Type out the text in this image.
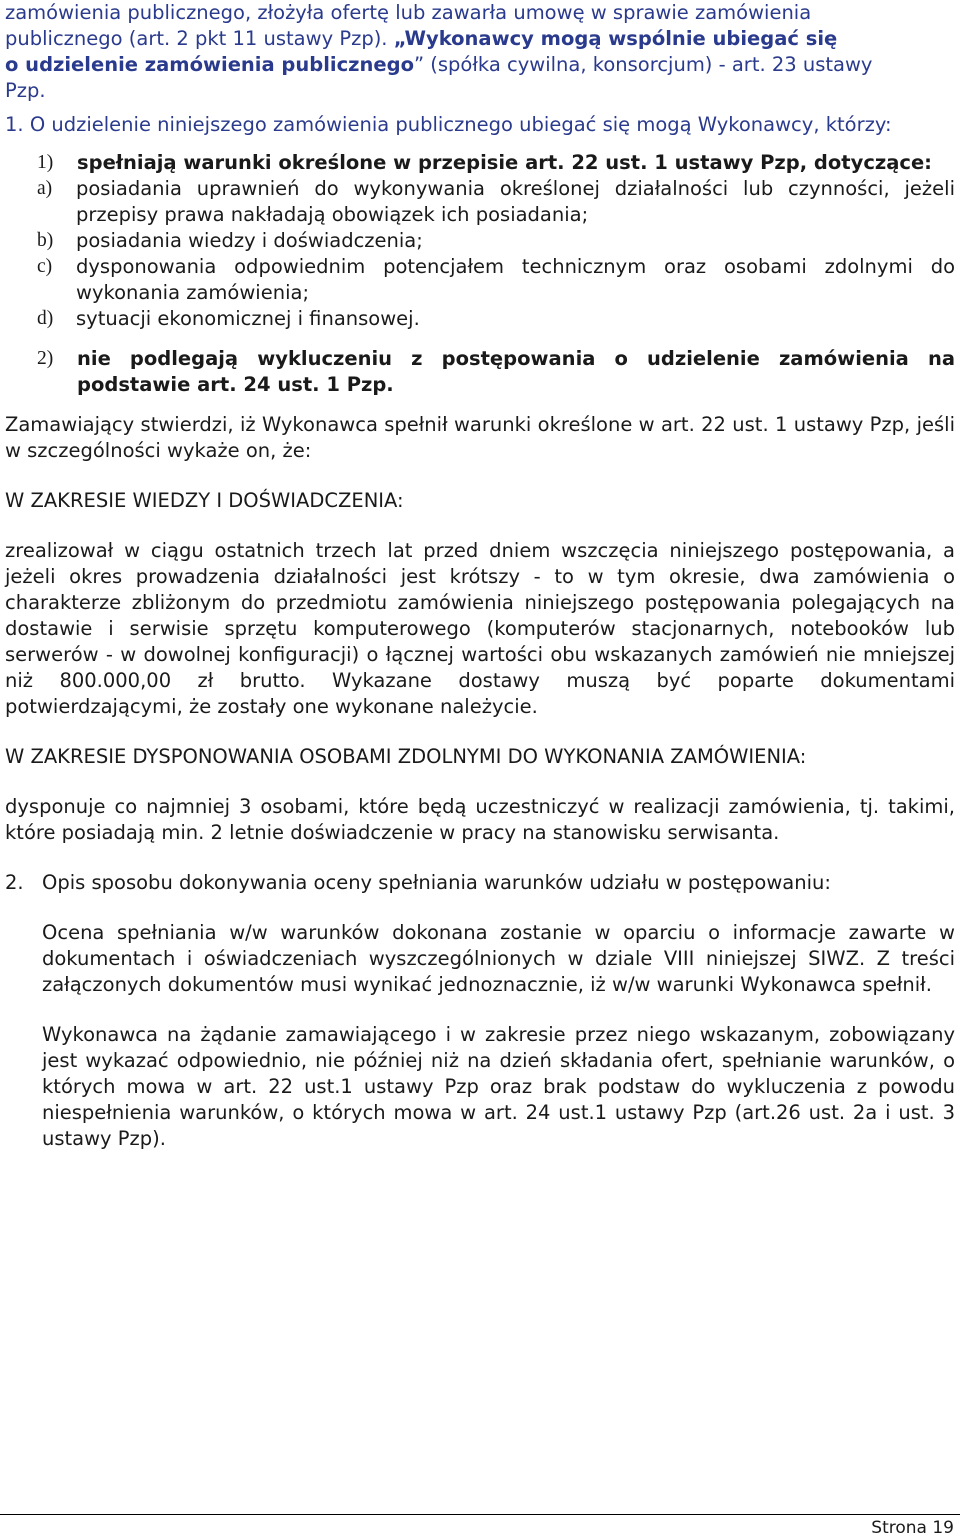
zamówienia publicznego, złożyła ofertę lub zawarła umowę w sprawie zamówienia
publicznego (art. 2 pkt 11 ustawy Pzp). „Wykonawcy mogą wspólnie ubiegać się
o udzielenie zamówienia publicznego” (spółka cywilna, konsorcjum) - art. 23 ustawy
Pzp.
1. O udzielenie niniejszego zamówienia publicznego ubiegać się mogą Wykonawcy, którzy:
1)	spełniają warunki określone w przepisie art. 22 ust. 1 ustawy Pzp, dotyczące:
a)	posiadania uprawnień do wykonywania określonej działalności lub czynności, jeżeli przepisy prawa nakładają obowiązek ich posiadania;
b)	posiadania wiedzy i doświadczenia;
c)	dysponowania odpowiednim potencjałem technicznym oraz osobami zdolnymi do wykonania zamówienia;
d)	sytuacji ekonomicznej i finansowej.
2)	nie podlegają wykluczeniu z postępowania o udzielenie zamówienia na podstawie art. 24 ust. 1 Pzp.

Zamawiający stwierdzi, iż Wykonawca spełnił warunki określone w art. 22 ust. 1 ustawy Pzp, jeśli w szczególności wykaże on, że:

W ZAKRESIE WIEDZY I DOŚWIADCZENIA:

zrealizował w ciągu ostatnich trzech lat przed dniem wszczęcia niniejszego postępowania, a jeżeli okres prowadzenia działalności jest krótszy - to w tym okresie, dwa zamówienia o charakterze zbliżonym do przedmiotu zamówienia niniejszego postępowania polegających na dostawie i serwisie sprzętu komputerowego (komputerów stacjonarnych, notebooków lub serwerów - w dowolnej konfiguracji) o łącznej wartości obu wskazanych zamówień nie mniejszej niż 800.000,00 zł brutto. Wykazane dostawy muszą być poparte dokumentami potwierdzającymi, że zostały one wykonane należycie.

W ZAKRESIE DYSPONOWANIA OSOBAMI ZDOLNYMI DO WYKONANIA ZAMÓWIENIA:

dysponuje co najmniej 3 osobami, które będą uczestniczyć w realizacji zamówienia, tj. takimi, które posiadają min. 2 letnie doświadczenie w pracy na stanowisku serwisanta.

2. Opis sposobu dokonywania oceny spełniania warunków udziału w postępowaniu:

Ocena spełniania w/w warunków dokonana zostanie w oparciu o informacje zawarte w dokumentach i oświadczeniach wyszczególnionych w dziale VIII niniejszej SIWZ. Z treści załączonych dokumentów musi wynikać jednoznacznie, iż w/w warunki Wykonawca spełnił.

Wykonawca na żądanie zamawiającego i w zakresie przez niego wskazanym, zobowiązany jest wykazać odpowiednio, nie później niż na dzień składania ofert, spełnianie warunków, o których mowa w art. 22 ust.1 ustawy Pzp oraz brak podstaw do wykluczenia z powodu niespełnienia warunków, o których mowa w art. 24 ust.1 ustawy Pzp (art.26 ust. 2a i ust. 3 ustawy Pzp).

Strona 19
